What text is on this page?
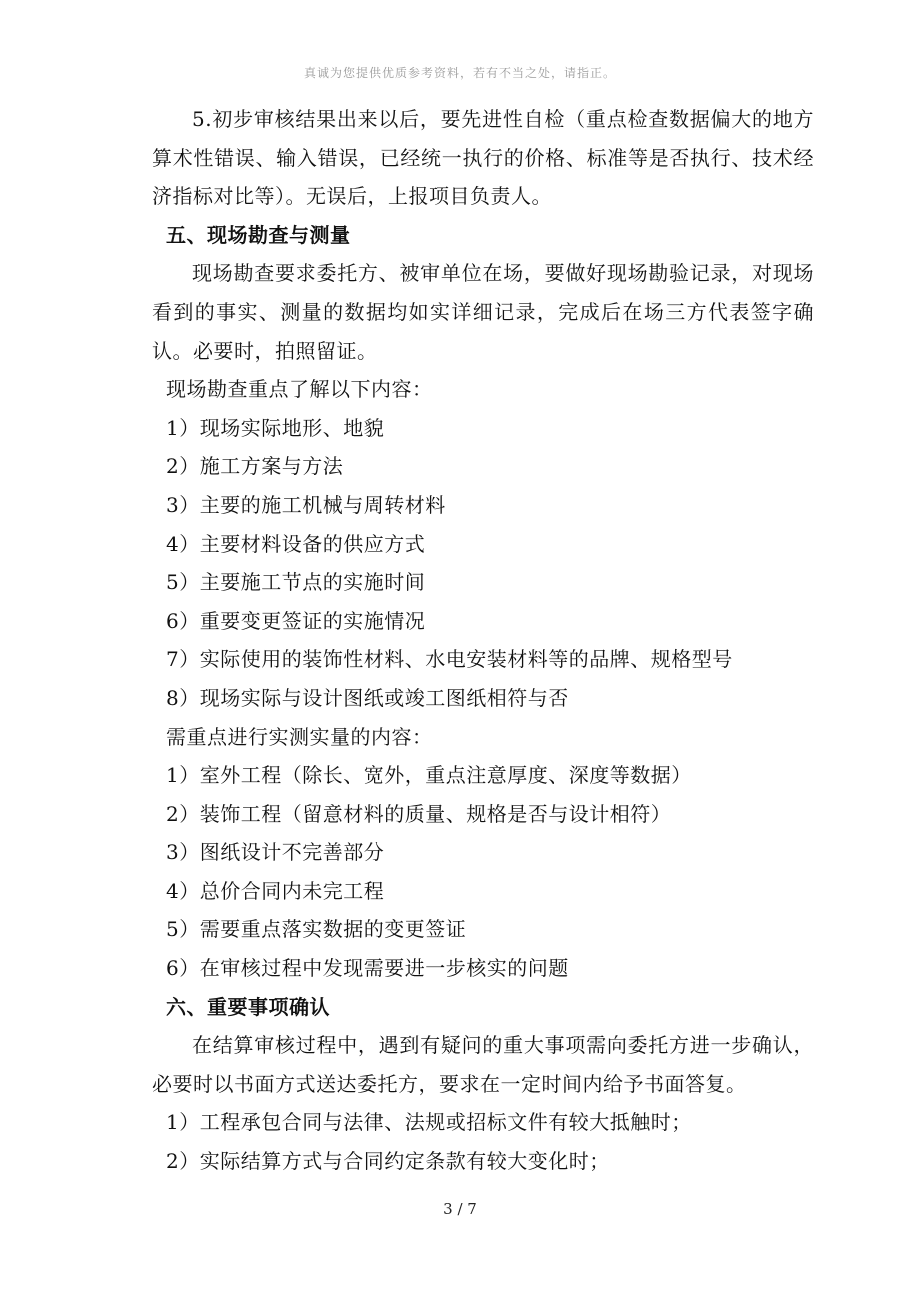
真诚为您提供优质参考资料，若有不当之处，请指正。

5.初步审核结果出来以后，要先进性自检（重点检查数据偏大的地方算术性错误、输入错误，已经统一执行的价格、标准等是否执行、技术经济指标对比等）。无误后，上报项目负责人。

五、现场勘查与测量

现场勘查要求委托方、被审单位在场，要做好现场勘验记录，对现场看到的事实、测量的数据均如实详细记录，完成后在场三方代表签字确认。必要时，拍照留证。

现场勘查重点了解以下内容：

1）现场实际地形、地貌

2）施工方案与方法

3）主要的施工机械与周转材料

4）主要材料设备的供应方式

5）主要施工节点的实施时间

6）重要变更签证的实施情况

7）实际使用的装饰性材料、水电安装材料等的品牌、规格型号

8）现场实际与设计图纸或竣工图纸相符与否

需重点进行实测实量的内容：

1）室外工程（除长、宽外，重点注意厚度、深度等数据）

2）装饰工程（留意材料的质量、规格是否与设计相符）

3）图纸设计不完善部分

4）总价合同内未完工程

5）需要重点落实数据的变更签证

6）在审核过程中发现需要进一步核实的问题

六、重要事项确认

在结算审核过程中，遇到有疑问的重大事项需向委托方进一步确认，必要时以书面方式送达委托方，要求在一定时间内给予书面答复。

1）工程承包合同与法律、法规或招标文件有较大抵触时；

2）实际结算方式与合同约定条款有较大变化时；

3 / 7
